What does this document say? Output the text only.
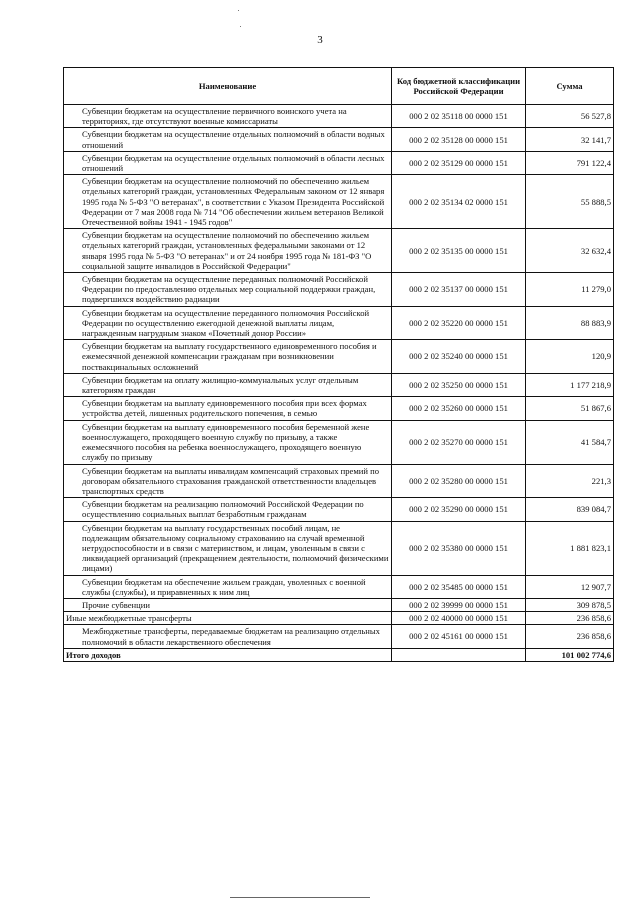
3
Наименование	Код бюджетной классификации Российской Федерации	Сумма
Субвенции бюджетам на осуществление первичного воинского учета на территориях, где отсутствуют военные комиссариаты	000 2 02 35118 00 0000 151	56 527,8
Субвенции бюджетам на осуществление отдельных полномочий в области водных отношений	000 2 02 35128 00 0000 151	32 141,7
Субвенции бюджетам на осуществление отдельных полномочий в области лесных отношений	000 2 02 35129 00 0000 151	791 122,4
Субвенции бюджетам на осуществление полномочий по обеспечению жильем отдельных категорий граждан, установленных Федеральным законом от 12 января 1995 года № 5-ФЗ "О ветеранах", в соответствии с Указом Президента Российской Федерации от 7 мая 2008 года № 714 "Об обеспечении жильем ветеранов Великой Отечественной войны 1941 - 1945 годов"	000 2 02 35134 02 0000 151	55 888,5
Субвенции бюджетам на осуществление полномочий по обеспечению жильем отдельных категорий граждан, установленных федеральными законами от 12 января 1995 года № 5-ФЗ "О ветеранах" и от 24 ноября 1995 года № 181-ФЗ "О социальной защите инвалидов в Российской Федерации"	000 2 02 35135 00 0000 151	32 632,4
Субвенции бюджетам на осуществление переданных полномочий Российской Федерации по предоставлению отдельных мер социальной поддержки граждан, подвергшихся воздействию радиации	000 2 02 35137 00 0000 151	11 279,0
Субвенции бюджетам на осуществление переданного полномочия Российской Федерации по осуществлению ежегодной денежной выплаты лицам, награжденным нагрудным знаком «Почетный донор России»	000 2 02 35220 00 0000 151	88 883,9
Субвенции бюджетам на выплату государственного единовременного пособия и ежемесячной денежной компенсации гражданам при возникновении поствакцинальных осложнений	000 2 02 35240 00 0000 151	120,9
Субвенции бюджетам на оплату жилищно-коммунальных услуг отдельным категориям граждан	000 2 02 35250 00 0000 151	1 177 218,9
Субвенции бюджетам на выплату единовременного пособия при всех формах устройства детей, лишенных родительского попечения, в семью	000 2 02 35260 00 0000 151	51 867,6
Субвенции бюджетам на выплату единовременного пособия беременной жене военнослужащего, проходящего военную службу по призыву, а также ежемесячного пособия на ребенка военнослужащего, проходящего военную службу по призыву	000 2 02 35270 00 0000 151	41 584,7
Субвенции бюджетам на выплаты инвалидам компенсаций страховых премий по договорам обязательного страхования гражданской ответственности владельцев транспортных средств	000 2 02 35280 00 0000 151	221,3
Субвенции бюджетам на реализацию полномочий Российской Федерации по осуществлению социальных выплат безработным гражданам	000 2 02 35290 00 0000 151	839 084,7
Субвенции бюджетам на выплату государственных пособий лицам, не подлежащим обязательному социальному страхованию на случай временной нетрудоспособности и в связи с материнством, и лицам, уволенным в связи с ликвидацией организаций (прекращением деятельности, полномочий физическими лицами)	000 2 02 35380 00 0000 151	1 881 823,1
Субвенции бюджетам на обеспечение жильем граждан, уволенных с военной службы (службы), и приравненных к ним лиц	000 2 02 35485 00 0000 151	12 907,7
Прочие субвенции	000 2 02 39999 00 0000 151	309 878,5
Иные межбюджетные трансферты	000 2 02 40000 00 0000 151	236 858,6
Межбюджетные трансферты, передаваемые бюджетам на реализацию отдельных полномочий в области лекарственного обеспечения	000 2 02 45161 00 0000 151	236 858,6
Итого доходов		101 002 774,6
